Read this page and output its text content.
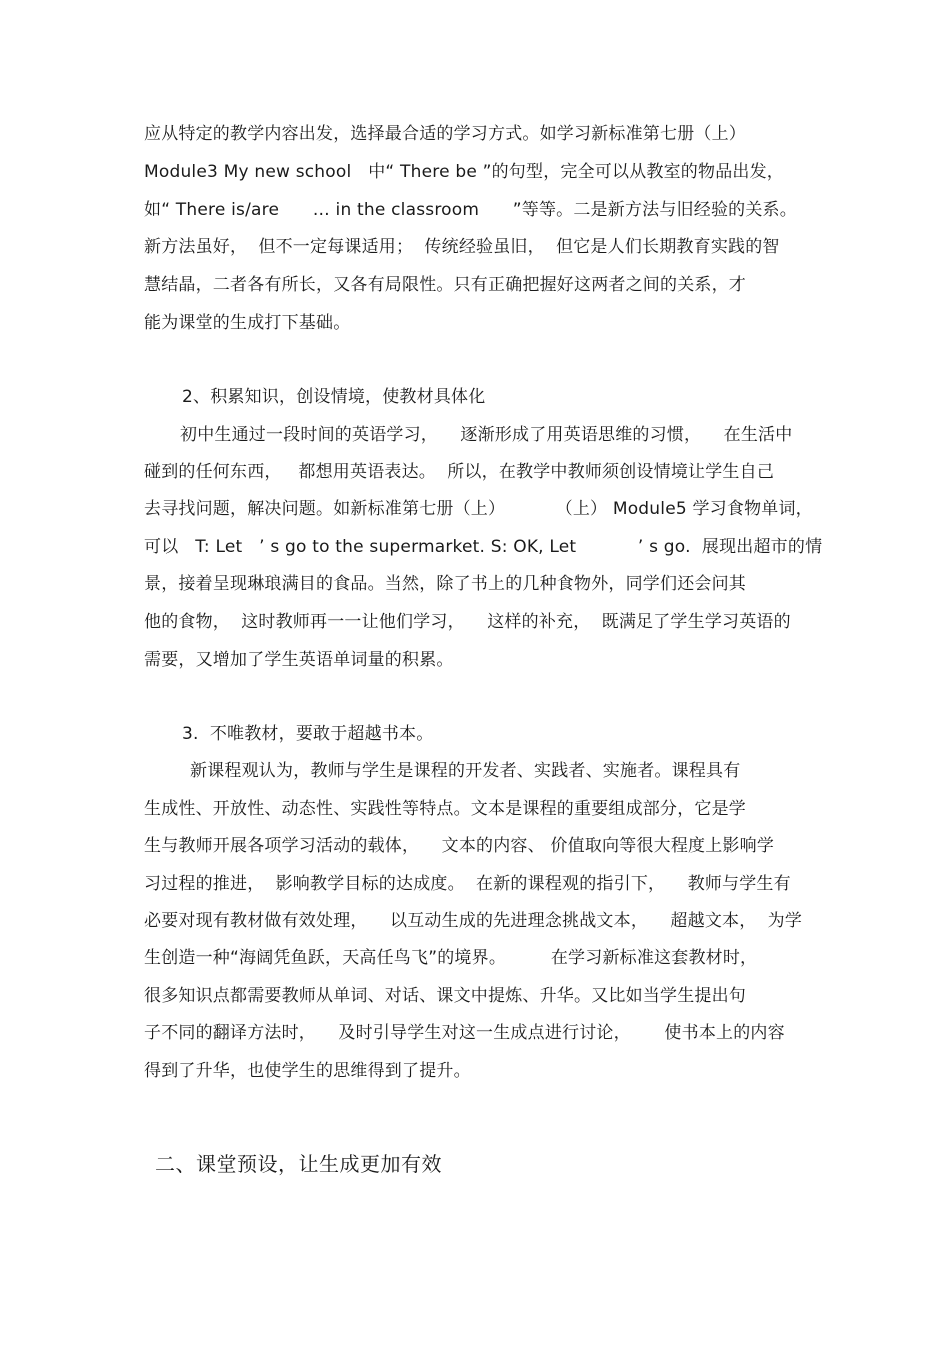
应从特定的教学内容出发，选择最合适的学习方式。如学习新标准第七册（上）
Module3 My new school   中“ There be ”的句型，完全可以从教室的物品出发，
如“ There is/are      … in the classroom      ”等等。二是新方法与旧经验的关系。
新方法虽好，  但不一定每课适用；  传统经验虽旧，  但它是人们长期教育实践的智
慧结晶，二者各有所长，又各有局限性。只有正确把握好这两者之间的关系，才
能为课堂的生成打下基础。
2、积累知识，创设情境，使教材具体化
初中生通过一段时间的英语学习，    逐渐形成了用英语思维的习惯，    在生活中
碰到的任何东西，   都想用英语表达。  所以，在教学中教师须创设情境让学生自己
去寻找问题，解决问题。如新标准第七册（上）         （上） Module5 学习食物单词，
可以   T: Let   ’ s go to the supermarket. S: OK, Let           ’ s go.  展现出超市的情
景，接着呈现琳琅满目的食品。当然，除了书上的几种食物外，同学们还会问其
他的食物，  这时教师再一一让他们学习，    这样的补充，  既满足了学生学习英语的
需要，又增加了学生英语单词量的积累。
3.  不唯教材，要敢于超越书本。
新课程观认为，教师与学生是课程的开发者、实践者、实施者。课程具有
生成性、开放性、动态性、实践性等特点。文本是课程的重要组成部分，它是学
生与教师开展各项学习活动的载体，    文本的内容、 价值取向等很大程度上影响学
习过程的推进，  影响教学目标的达成度。  在新的课程观的指引下，    教师与学生有
必要对现有教材做有效处理，    以互动生成的先进理念挑战文本，    超越文本，  为学
生创造一种“海阔凭鱼跃，天高任鸟飞”的境界。        在学习新标准这套教材时，
很多知识点都需要教师从单词、对话、课文中提炼、升华。又比如当学生提出句
子不同的翻译方法时，    及时引导学生对这一生成点进行讨论，      使书本上的内容
得到了升华，也使学生的思维得到了提升。
二、课堂预设，让生成更加有效
